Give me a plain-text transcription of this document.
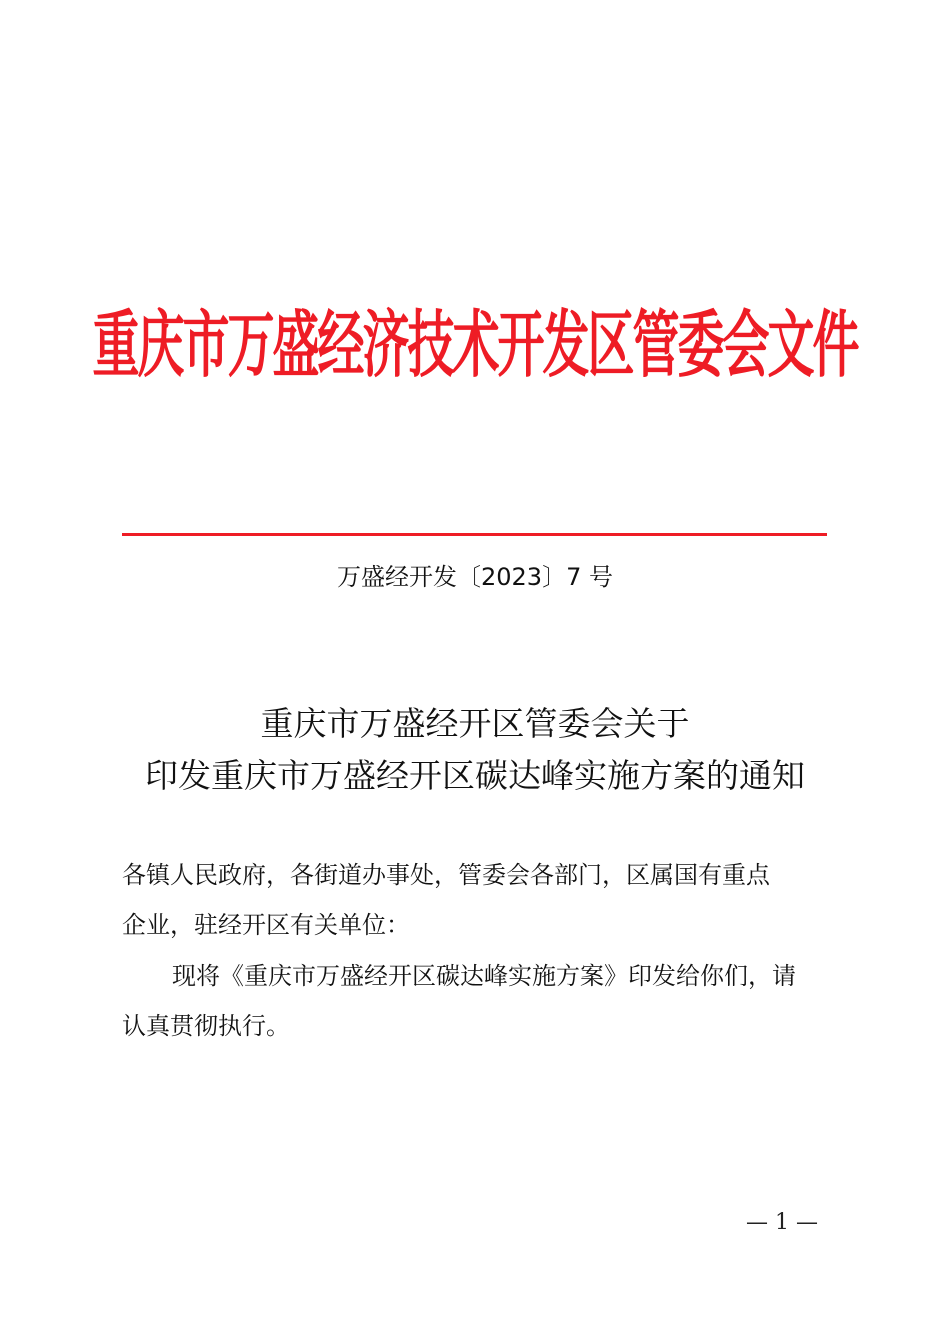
重庆市万盛经济技术开发区管委会文件
万盛经开发〔2023〕7 号
重庆市万盛经开区管委会关于
印发重庆市万盛经开区碳达峰实施方案的通知
各镇人民政府，各街道办事处，管委会各部门，区属国有重点
企业，驻经开区有关单位：
现将《重庆市万盛经开区碳达峰实施方案》印发给你们，请
认真贯彻执行。
— 1 —
